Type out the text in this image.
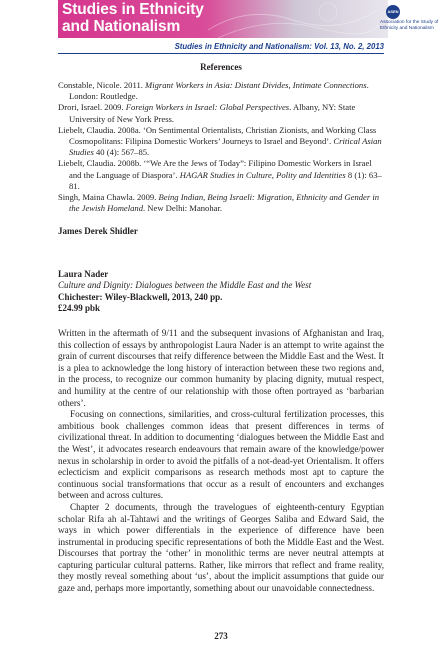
Studies in Ethnicity
and Nationalism
ASEN
Association for the Study of Ethnicity and Nationalism
Studies in Ethnicity and Nationalism: Vol. 13, No. 2, 2013
References

Constable, Nicole. 2011. Migrant Workers in Asia: Distant Divides, Intimate Connections. London: Routledge.

Drori, Israel. 2009. Foreign Workers in Israel: Global Perspectives. Albany, NY: State University of New York Press.

Liebelt, Claudia. 2008a. ‘On Sentimental Orientalists, Christian Zionists, and Working Class Cosmopolitans: Filipina Domestic Workers’ Journeys to Israel and Beyond’. Critical Asian Studies 40 (4): 567–85.

Liebelt, Claudia. 2008b. ‘“We Are the Jews of Today”: Filipino Domestic Workers in Israel and the Language of Diaspora’. HAGAR Studies in Culture, Polity and Identities 8 (1): 63–81.

Singh, Maina Chawla. 2009. Being Indian, Being Israeli: Migration, Ethnicity and Gender in the Jewish Homeland. New Delhi: Manohar.

James Derek Shidler
Laura Nader
Culture and Dignity: Dialogues between the Middle East and the West
Chichester: Wiley-Blackwell, 2013, 240 pp.
£24.99 pbk

Written in the aftermath of 9/11 and the subsequent invasions of Afghanistan and Iraq, this collection of essays by anthropologist Laura Nader is an attempt to write against the grain of current discourses that reify difference between the Middle East and the West. It is a plea to acknowledge the long history of interaction between these two regions and, in the process, to recognize our common humanity by placing dignity, mutual respect, and humility at the centre of our relationship with those often portrayed as ‘barbarian others’.

Focusing on connections, similarities, and cross-cultural fertilization processes, this ambitious book challenges common ideas that present differences in terms of civilizational threat. In addition to documenting ‘dialogues between the Middle East and the West’, it advocates research endeavours that remain aware of the knowledge/power nexus in scholarship in order to avoid the pitfalls of a not-dead-yet Orientalism. It offers eclecticism and explicit comparisons as research methods most apt to capture the continuous social transformations that occur as a result of encounters and exchanges between and across cultures.

Chapter 2 documents, through the travelogues of eighteenth-century Egyptian scholar Rifa ah al-Tahtawi and the writings of Georges Saliba and Edward Said, the ways in which power differentials in the experience of difference have been instrumental in producing specific representations of both the Middle East and the West. Discourses that portray the ‘other’ in monolithic terms are never neutral attempts at capturing particular cultural patterns. Rather, like mirrors that reflect and frame reality, they mostly reveal something about ‘us’, about the implicit assumptions that guide our gaze and, perhaps more importantly, something about our unavoidable connectedness.

273
